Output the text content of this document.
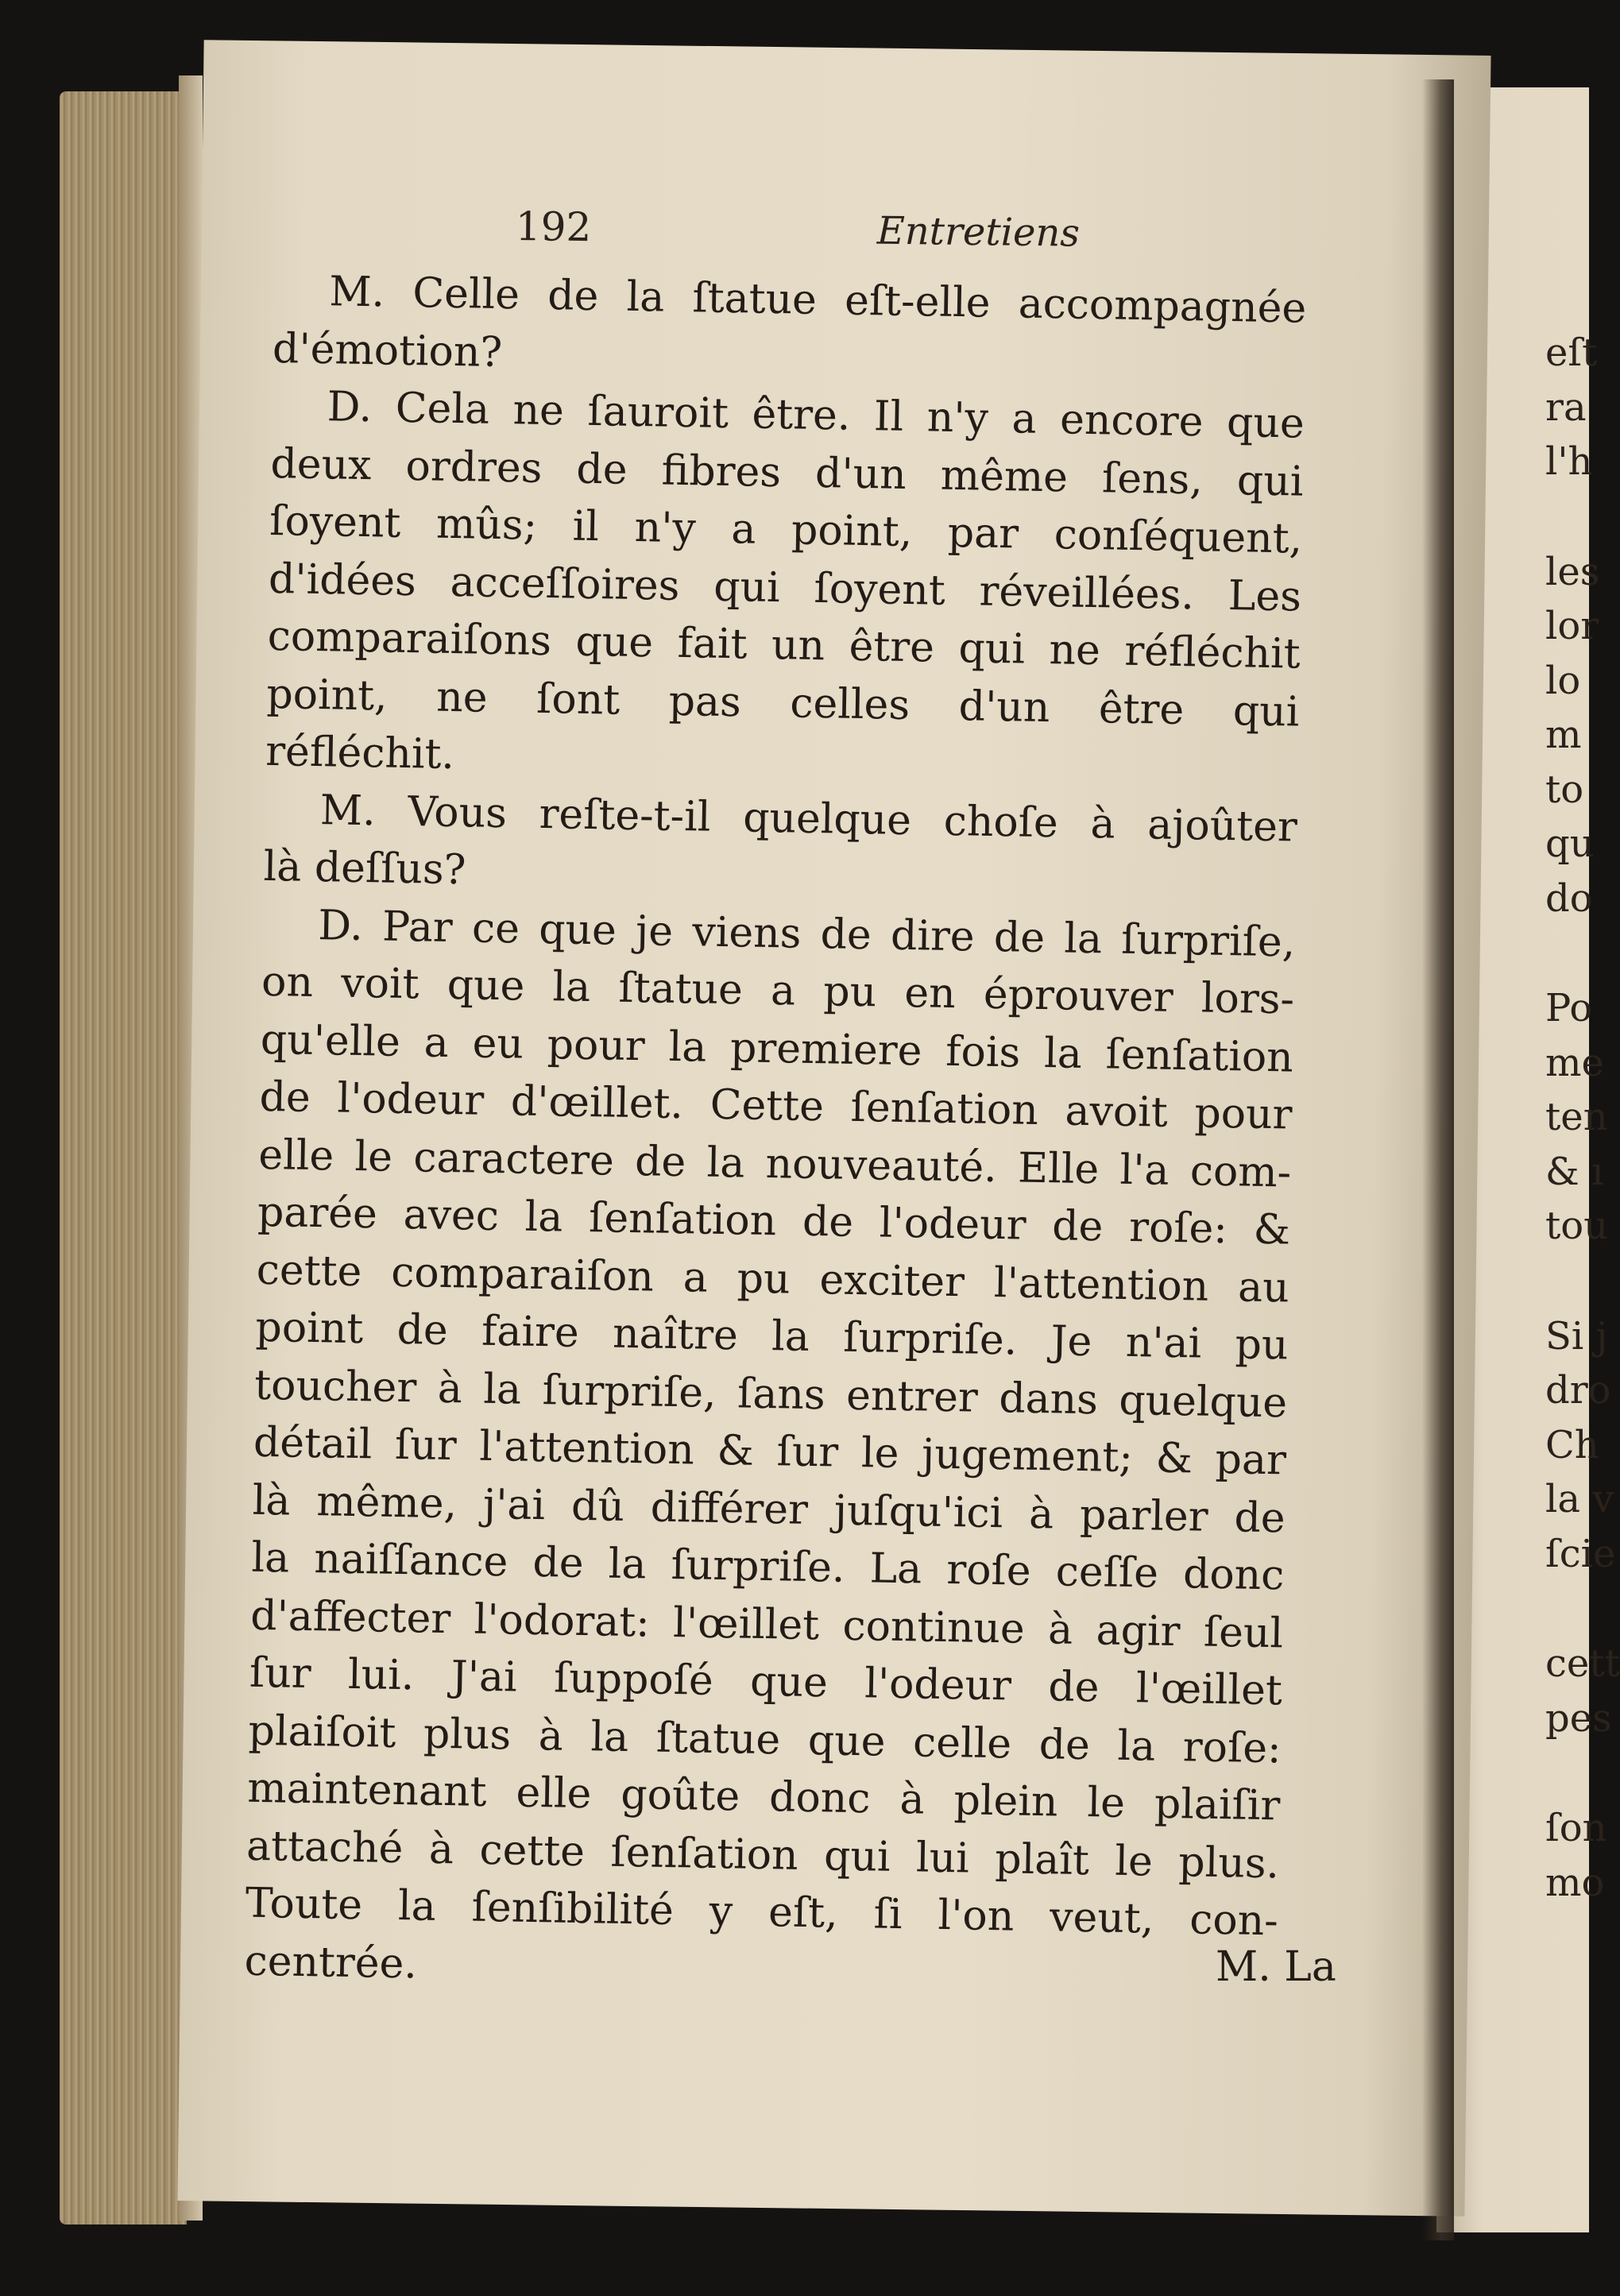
eſt
ra
l'h
les
lor
lo
m
to
qu
do
Po
me
ten
& ı
tou
Si j
dro
Ch
la v
ſcie
cett
pes
ſon
mo
192	Entretiens
M. Celle de la ſtatue eſt-elle accompagnée
d'émotion?
D. Cela ne ſauroit être. Il n'y a encore que
deux ordres de fibres d'un même ſens, qui
ſoyent mûs; il n'y a point, par conſéquent,
d'idées acceſſoires qui ſoyent réveillées. Les
comparaiſons que fait un être qui ne réfléchit
point, ne ſont pas celles d'un être qui
réfléchit.
M. Vous reſte-t-il quelque choſe à ajoûter
là deſſus?
D. Par ce que je viens de dire de la ſurpriſe,
on voit que la ſtatue a pu en éprouver lors-
qu'elle a eu pour la premiere fois la ſenſation
de l'odeur d'œillet. Cette ſenſation avoit pour
elle le caractere de la nouveauté. Elle l'a com-
parée avec la ſenſation de l'odeur de roſe: &
cette comparaiſon a pu exciter l'attention au
point de faire naître la ſurpriſe. Je n'ai pu
toucher à la ſurpriſe, ſans entrer dans quelque
détail ſur l'attention & ſur le jugement; & par
là même, j'ai dû différer juſqu'ici à parler de
la naiſſance de la ſurpriſe. La roſe ceſſe donc
d'affecter l'odorat: l'œillet continue à agir ſeul
ſur lui. J'ai ſuppoſé que l'odeur de l'œillet
plaiſoit plus à la ſtatue que celle de la roſe:
maintenant elle goûte donc à plein le plaiſir
attaché à cette ſenſation qui lui plaît le plus.
Toute la ſenſibilité y eſt, ſi l'on veut, con-
centrée.	M. La
